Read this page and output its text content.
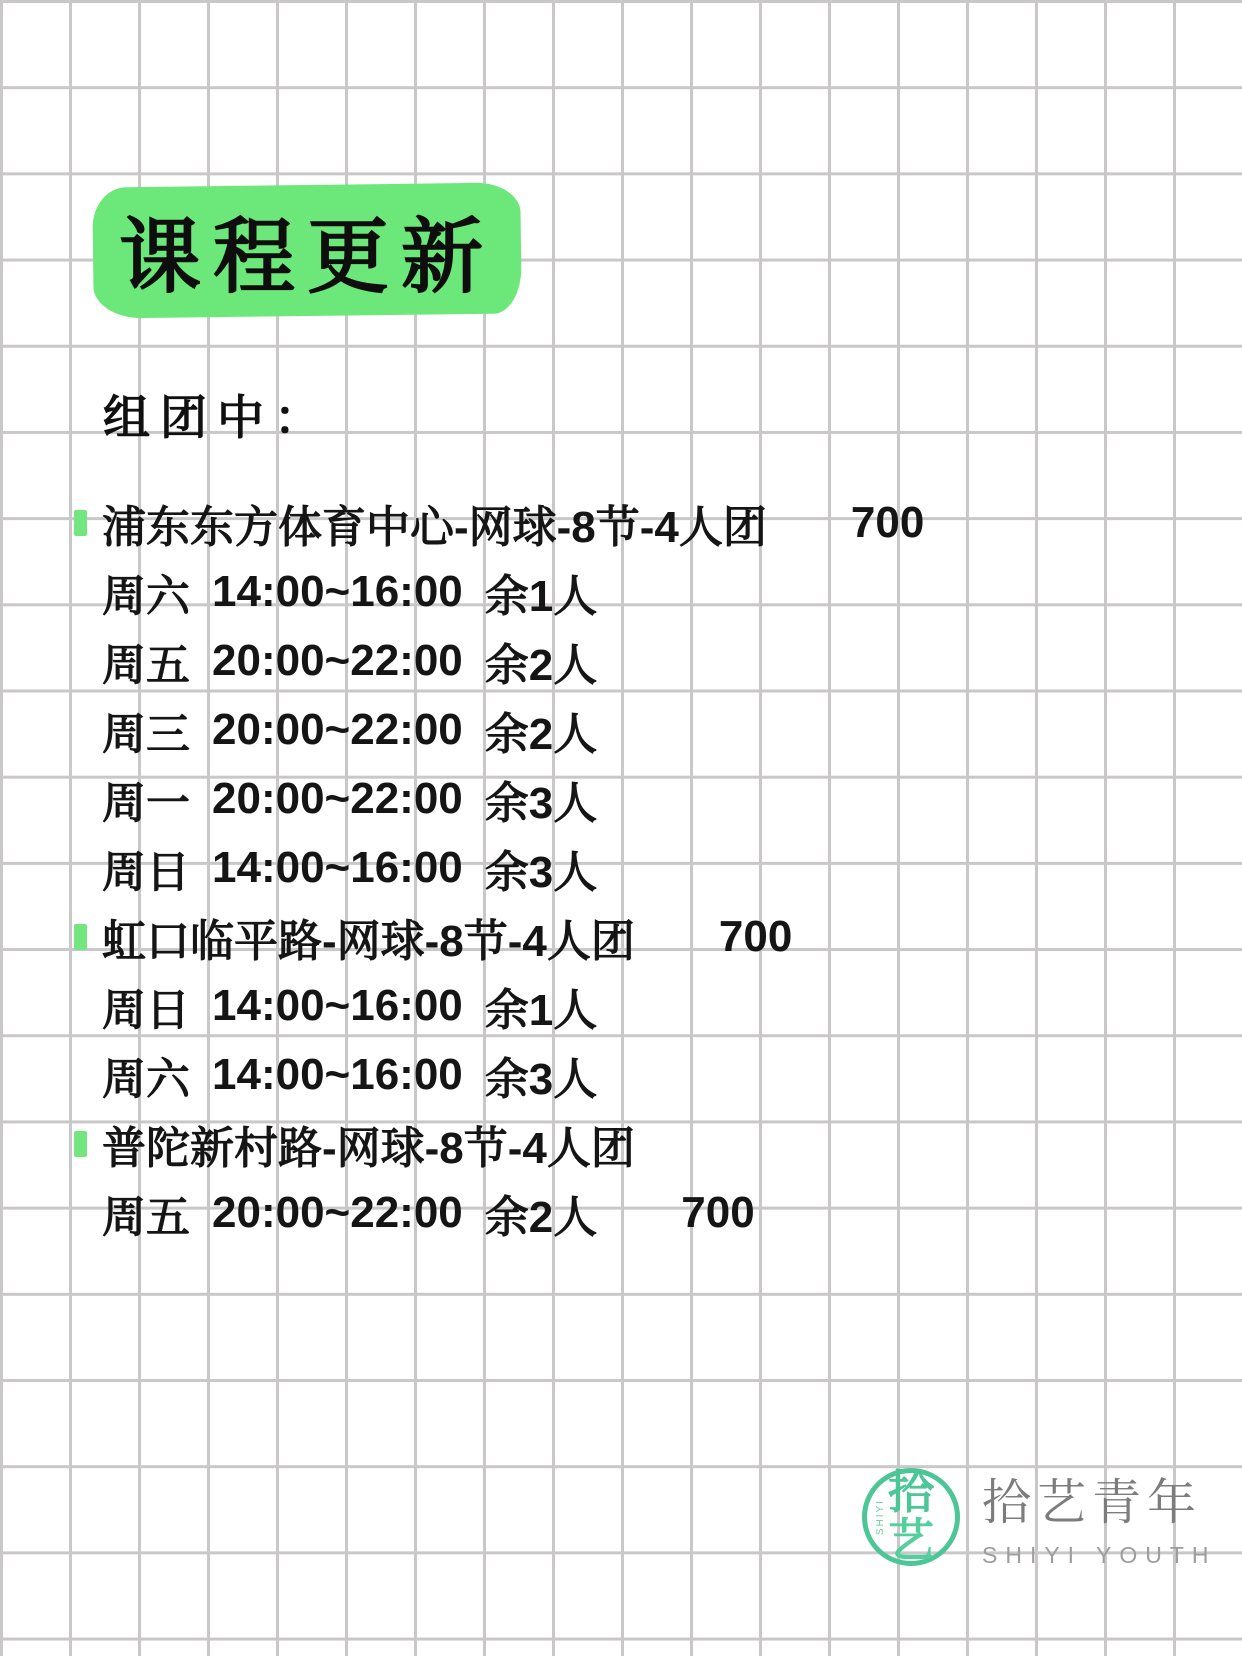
课程更新
组团中：
浦东东方体育中心-网球-8节-4人团 700
周六 14:00~16:00 余1人
周五 20:00~22:00 余2人
周三 20:00~22:00 余2人
周一 20:00~22:00 余3人
周日 14:00~16:00 余3人
虹口临平路-网球-8节-4人团 700
周日 14:00~16:00 余1人
周六 14:00~16:00 余3人
普陀新村路-网球-8节-4人团
周五 20:00~22:00 余2人 700
SHIYI 拾
艺
拾艺青年
SHIYI YOUTH
